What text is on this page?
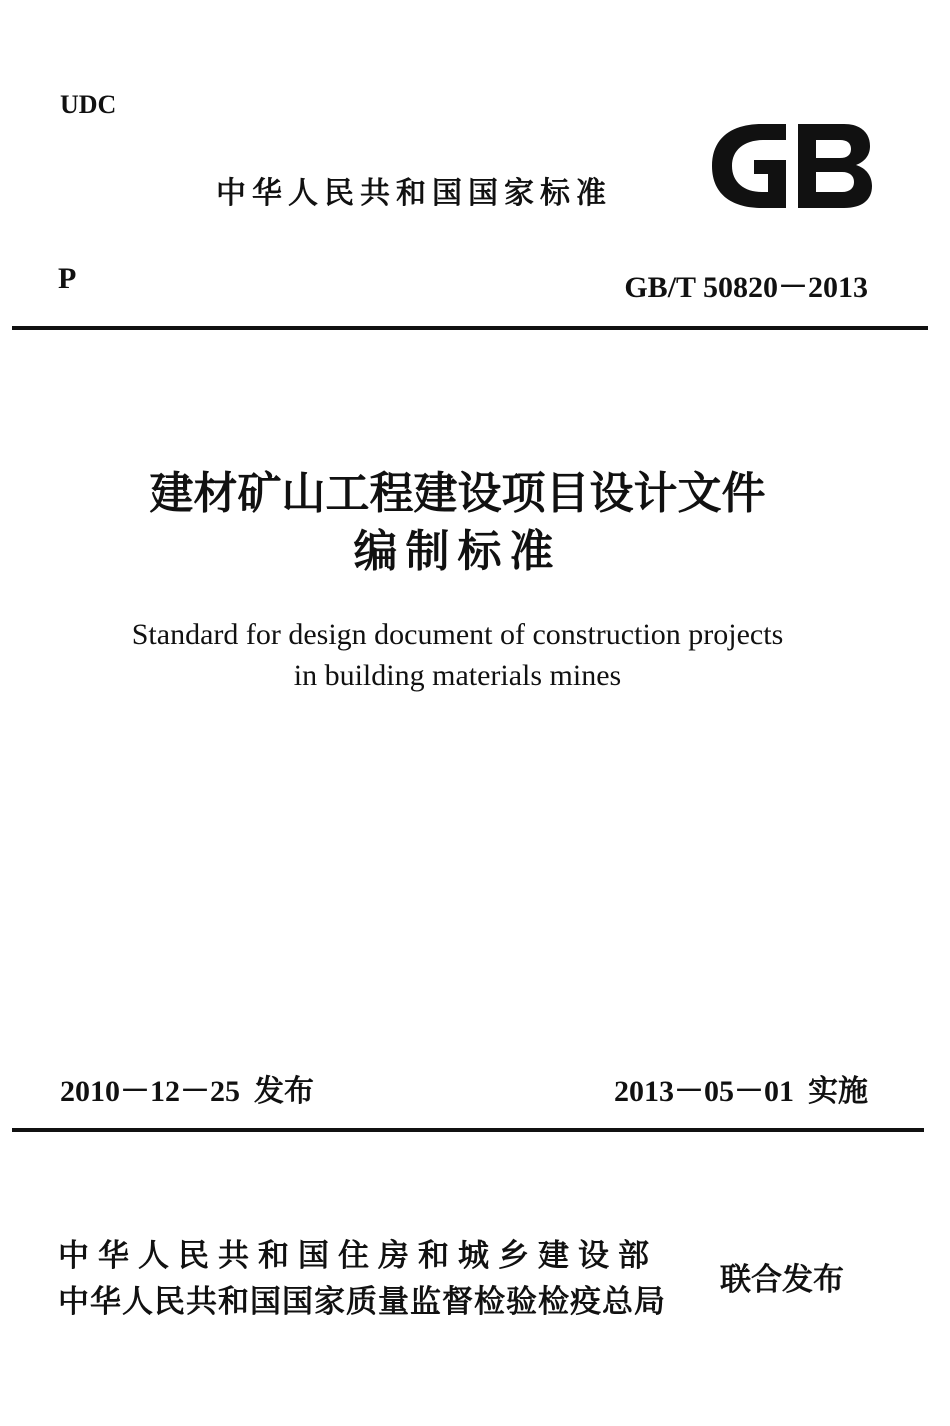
UDC
中华人民共和国国家标准
P	GB/T 50820－2013
建材矿山工程建设项目设计文件
编制标准
Standard for design document of construction projects
in building materials mines
2010－12－25 发布	2013－05－01 实施
中华人民共和国住房和城乡建设部
中华人民共和国国家质量监督检验检疫总局
联合发布
